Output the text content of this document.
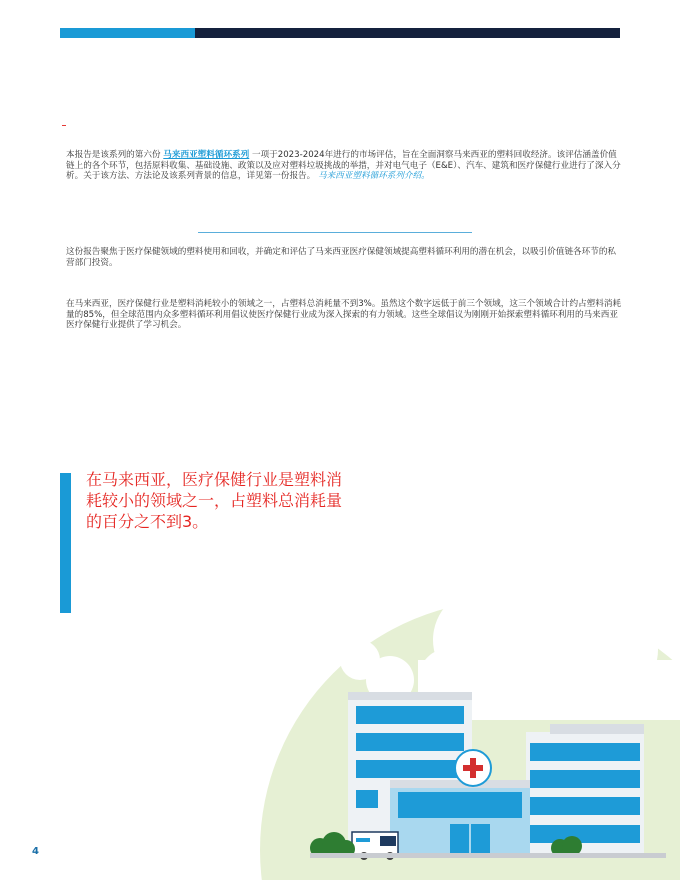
本报告是该系列的第六份 马来西亚塑料循环系列 一项于2023-2024年进行的市场评估，旨在全面洞察马来西亚的塑料回收经济。该评估涵盖价值链上的各个环节，包括原料收集、基础设施、政策以及应对塑料垃圾挑战的举措，并对电气电子（E&E）、汽车、建筑和医疗保健行业进行了深入分析。关于该方法、方法论及该系列背景的信息，详见第一份报告。 马来西亚塑料循环系列介绍。

这份报告聚焦于医疗保健领域的塑料使用和回收，并确定和评估了马来西亚医疗保健领域提高塑料循环利用的潜在机会，以吸引价值链各环节的私营部门投资。

在马来西亚，医疗保健行业是塑料消耗较小的领域之一，占塑料总消耗量不到3%。虽然这个数字远低于前三个领域，这三个领域合计约占塑料消耗量的85%，但全球范围内众多塑料循环利用倡议使医疗保健行业成为深入探索的有力领域。这些全球倡议为刚刚开始探索塑料循环利用的马来西亚医疗保健行业提供了学习机会。

在马来西亚，医疗保健行业是塑料消耗较小的领域之一，占塑料总消耗量的百分之不到3。

4
